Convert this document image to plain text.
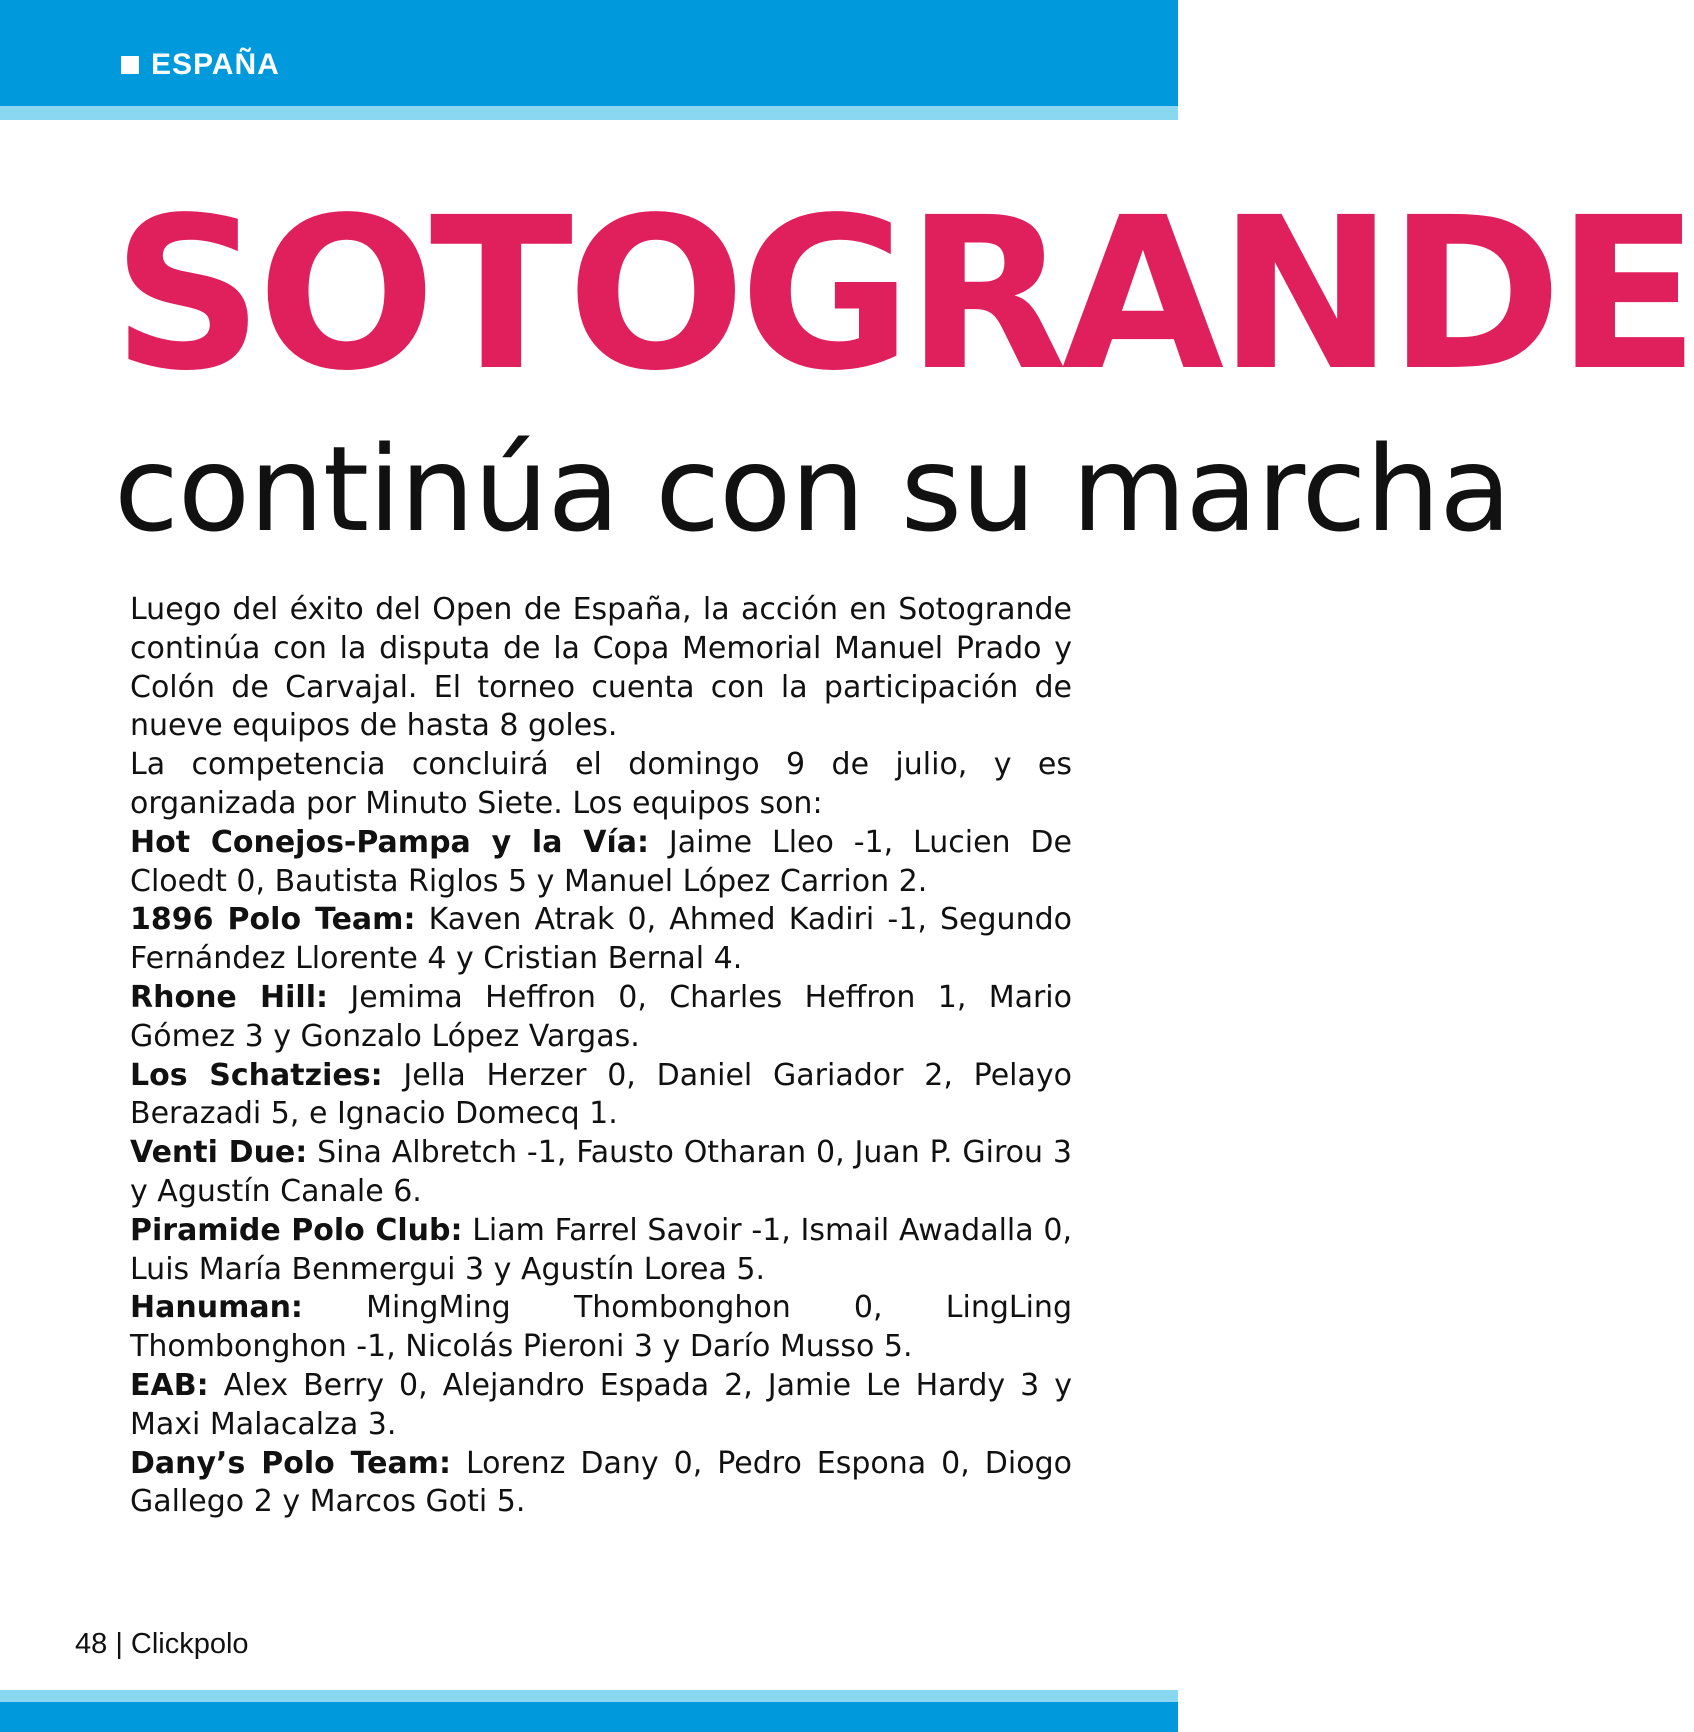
ESPAÑA
SOTOGRANDE
continúa con su marcha

Luego del éxito del Open de España, la acción en Sotogrande continúa con la disputa de la Copa Memorial Manuel Prado y Colón de Carvajal. El torneo cuenta con la participación de nueve equipos de hasta 8 goles.

La competencia concluirá el domingo 9 de julio, y es organizada por Minuto Siete. Los equipos son:

Hot Conejos-Pampa y la Vía: Jaime Lleo -1, Lucien De Cloedt 0, Bautista Riglos 5 y Manuel López Carrion 2.

1896 Polo Team: Kaven Atrak 0, Ahmed Kadiri -1, Segundo Fernández Llorente 4 y Cristian Bernal 4.

Rhone Hill: Jemima Heffron 0, Charles Heffron 1, Mario Gómez 3 y Gonzalo López Vargas.

Los Schatzies: Jella Herzer 0, Daniel Gariador 2, Pelayo Berazadi 5, e Ignacio Domecq 1.

Venti Due: Sina Albretch -1, Fausto Otharan 0, Juan P. Girou 3 y Agustín Canale 6.

Piramide Polo Club: Liam Farrel Savoir -1, Ismail Awadalla 0, Luis María Benmergui 3 y Agustín Lorea 5.

Hanuman: MingMing Thombonghon 0, LingLing Thombonghon -1, Nicolás Pieroni 3 y Darío Musso 5.

EAB: Alex Berry 0, Alejandro Espada 2, Jamie Le Hardy 3 y Maxi Malacalza 3.

Dany’s Polo Team: Lorenz Dany 0, Pedro Espona 0, Diogo Gallego 2 y Marcos Goti 5.

48 | Clickpolo
